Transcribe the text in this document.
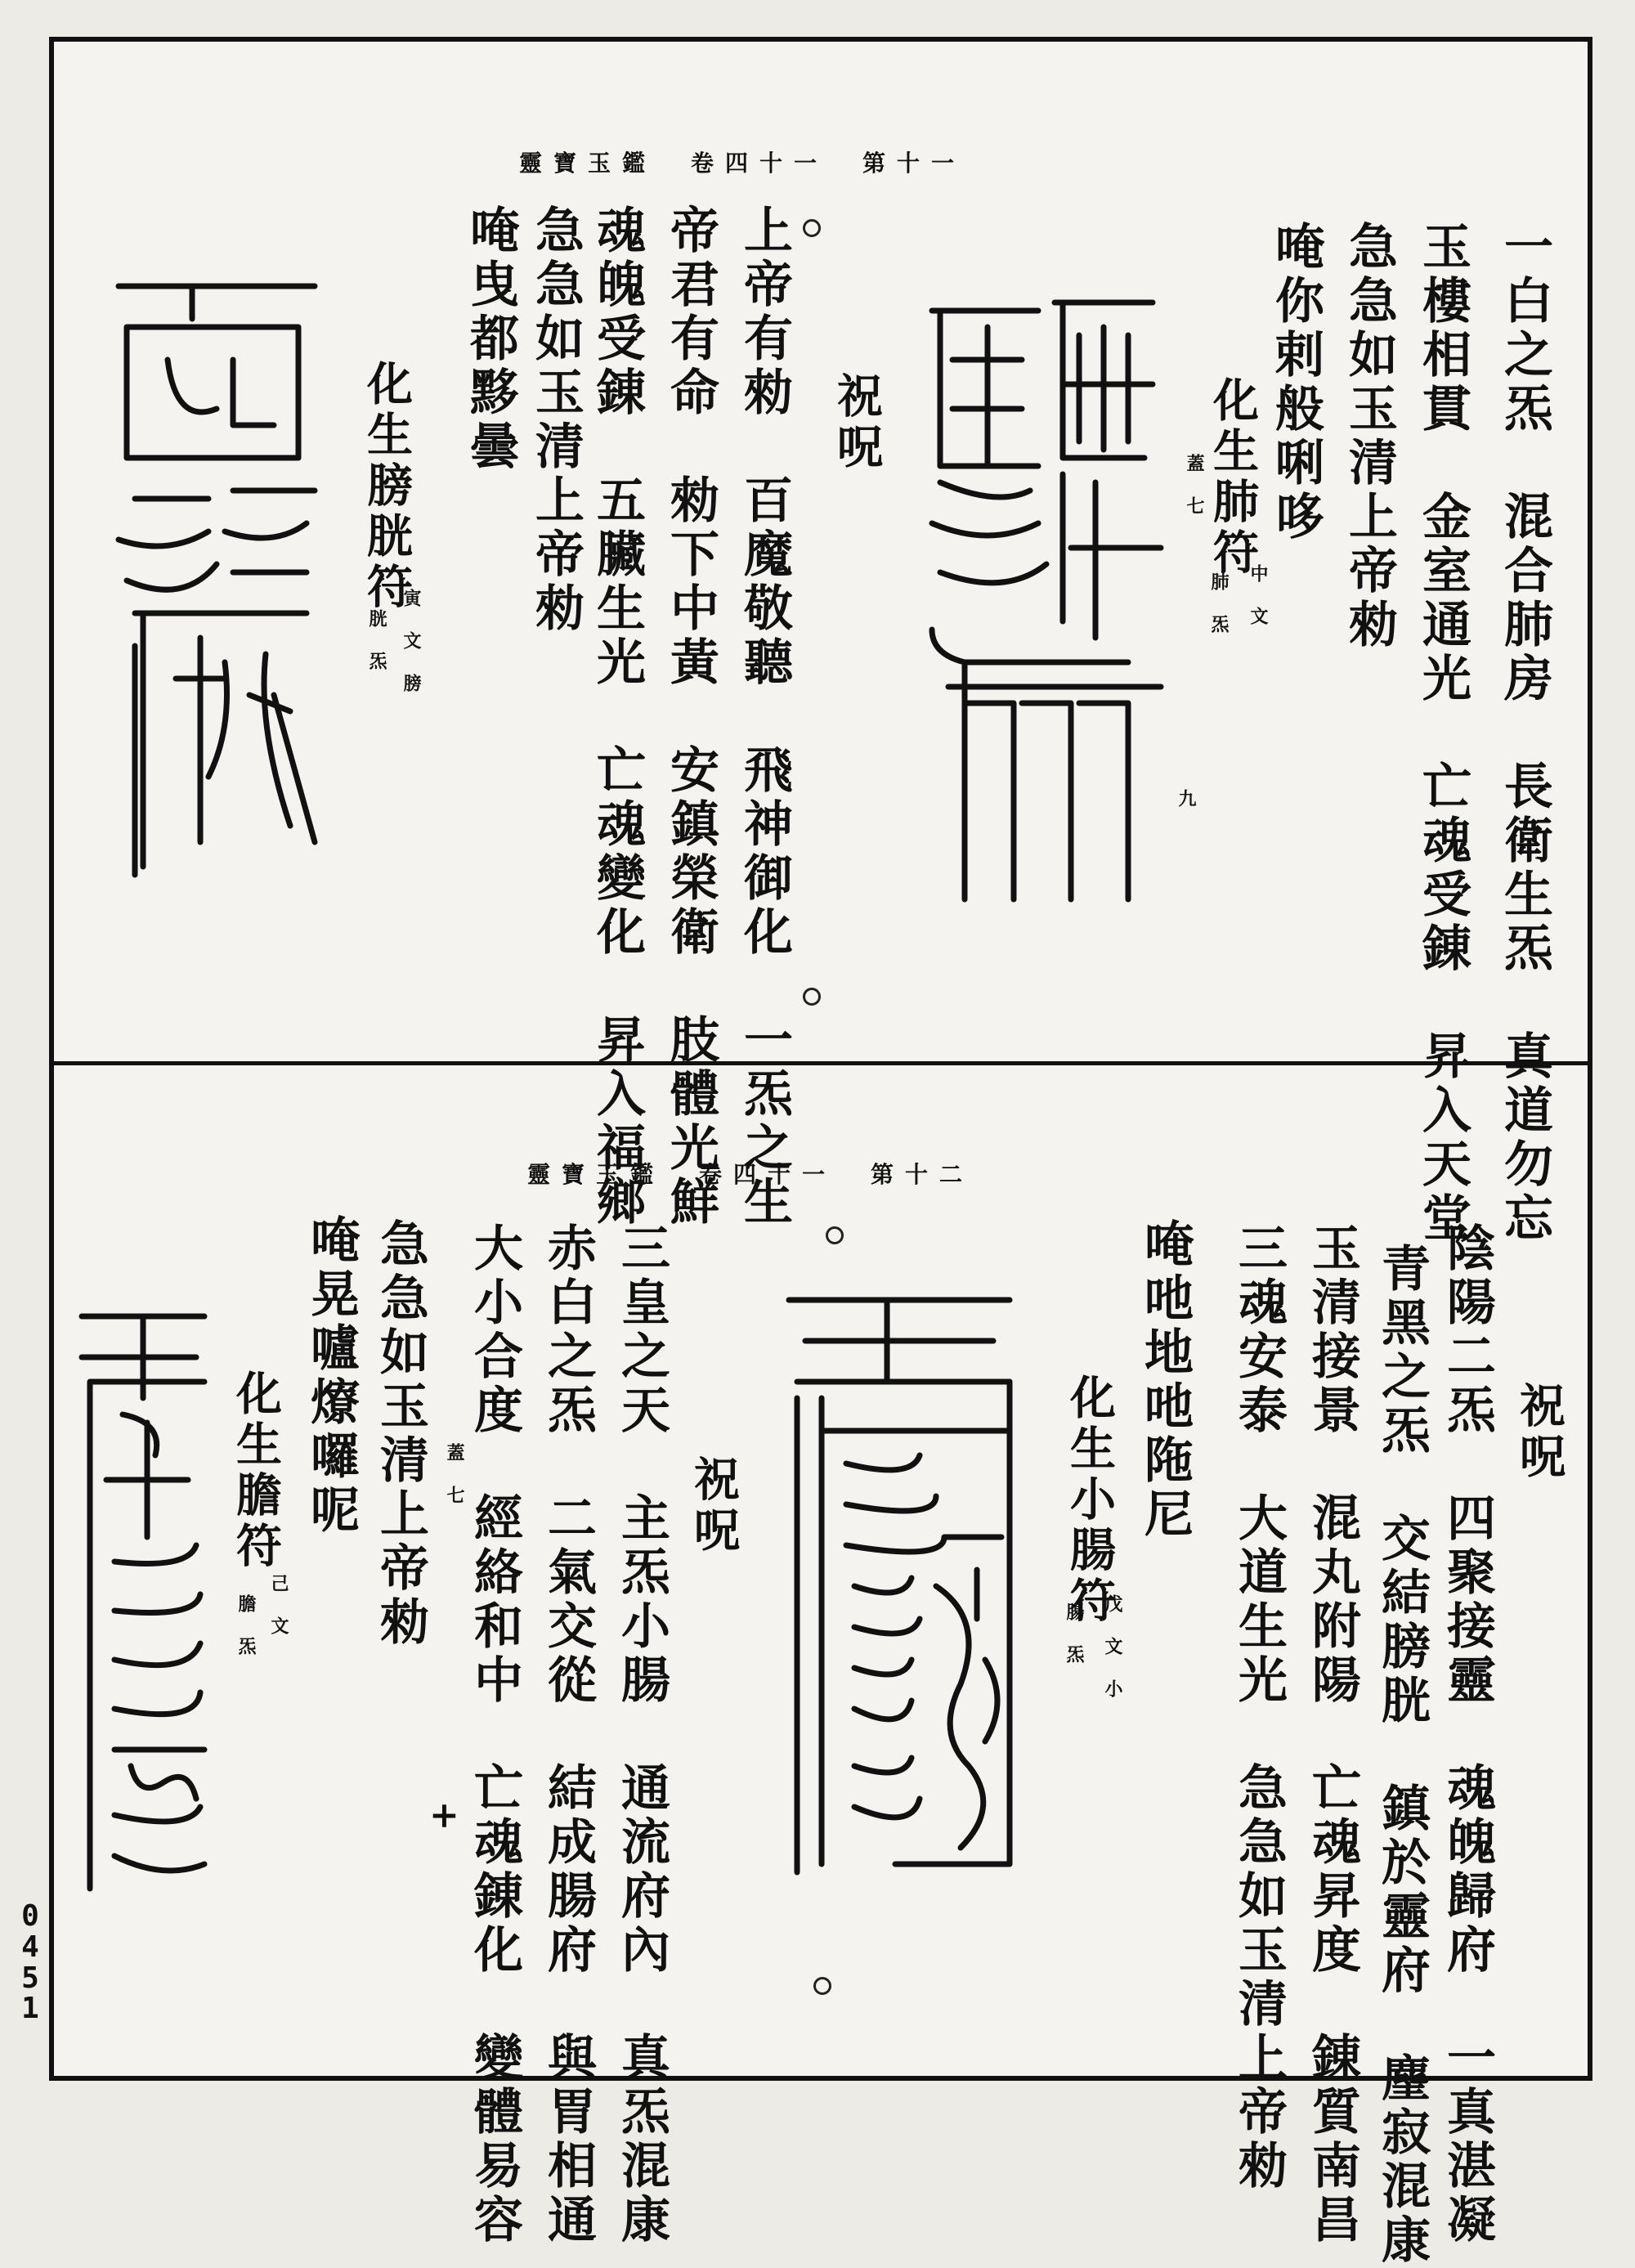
靈寶玉鑑　卷四十一　第十一
一白之炁　混合肺房　長衛生炁　真道勿忘
玉樓相貫　金室通光　亡魂受錬　昇入天堂
急急如玉清上帝勑
唵你剌般唎哆
化生肺符
中文
肺炁
蓋七
九
祝呪
上帝有勑　百魔敬聽　飛神御化　一炁之生
帝君有命　勑下中黃　安鎮榮衛　肢體光鮮
魂魄受錬　五臟生光　亡魂變化　昇入福鄉
急急如玉清上帝勑
唵曳都黟曇
化生膀胱符
寅文膀
胱炁
靈寶玉鑑　卷四十一　第十二
祝呪
陰陽二炁　四聚接靈　魂魄歸府　一真湛凝
青黑之炁　交結膀胱　鎮於靈府　麈寂混康
玉清接景　混丸附陽　亡魂昇度　錬質南昌
三魂安泰　大道生光　急急如玉清上帝勑
唵吔地吔陁尼
化生小腸符
戊文小
腸炁
祝呪
三皇之天　主炁小腸　通流府內　真炁混康
赤白之炁　二氣交從　結成腸府　與胃相通
大小合度　經絡和中　亡魂錬化　變體易容
蓋七
急急如玉清上帝勑
唵晃嚧爎囉呢
化生膽符
己文
膽炁
+
0
4
5
1
